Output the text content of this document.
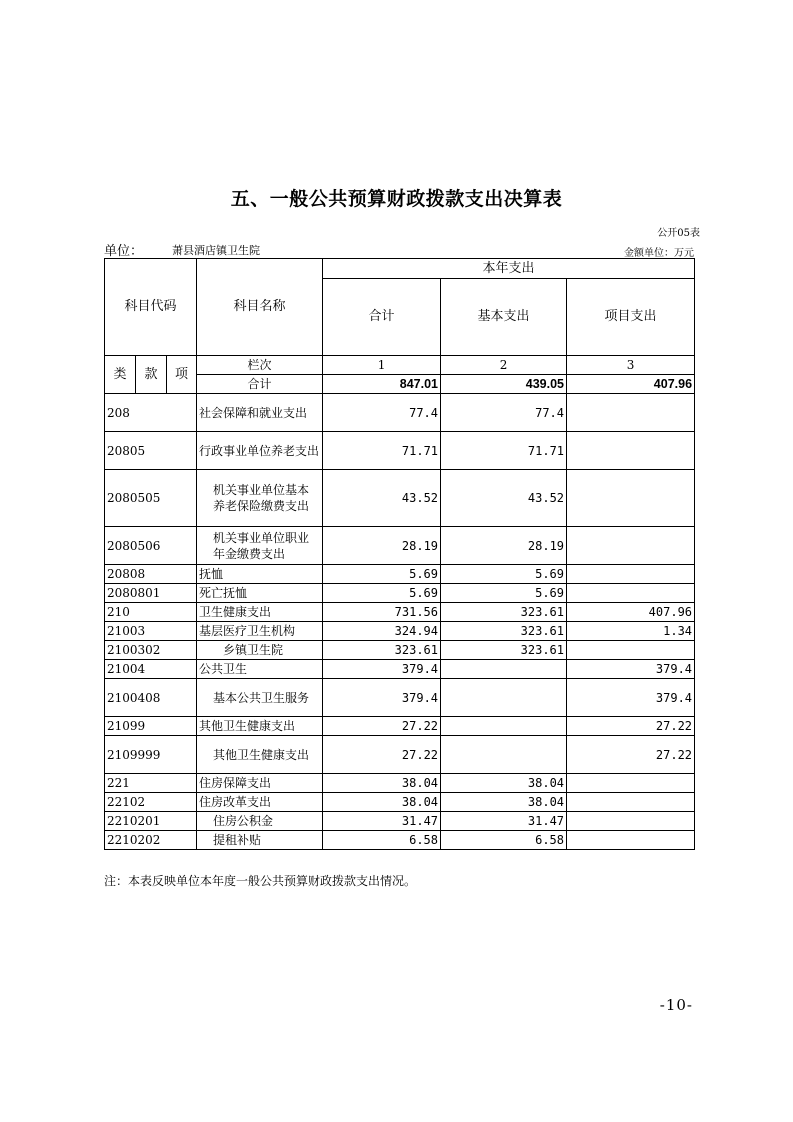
五、一般公共预算财政拨款支出决算表
公开05表
单位：	萧县酒店镇卫生院	金额单位：万元
科目代码			科目名称	本年支出		
				合计	基本支出	项目支出
类	款	项	栏次	1	2	3
			合计	847.01	439.05	407.96
208			社会保障和就业支出	77.4	77.4	
20805			行政事业单位养老支出	71.71	71.71	
2080505			机关事业单位基本养老保险缴费支出	43.52	43.52	
2080506			机关事业单位职业年金缴费支出	28.19	28.19	
20808			抚恤	5.69	5.69	
2080801			死亡抚恤	5.69	5.69	
210			卫生健康支出	731.56	323.61	407.96
21003			基层医疗卫生机构	324.94	323.61	1.34
2100302			乡镇卫生院	323.61	323.61	
21004			公共卫生	379.4		379.4
2100408			基本公共卫生服务	379.4		379.4
21099			其他卫生健康支出	27.22		27.22
2109999			其他卫生健康支出	27.22		27.22
221			住房保障支出	38.04	38.04	
22102			住房改革支出	38.04	38.04	
2210201			住房公积金	31.47	31.47	
2210202			提租补贴	6.58	6.58	
注：本表反映单位本年度一般公共预算财政拨款支出情况。
-10-
